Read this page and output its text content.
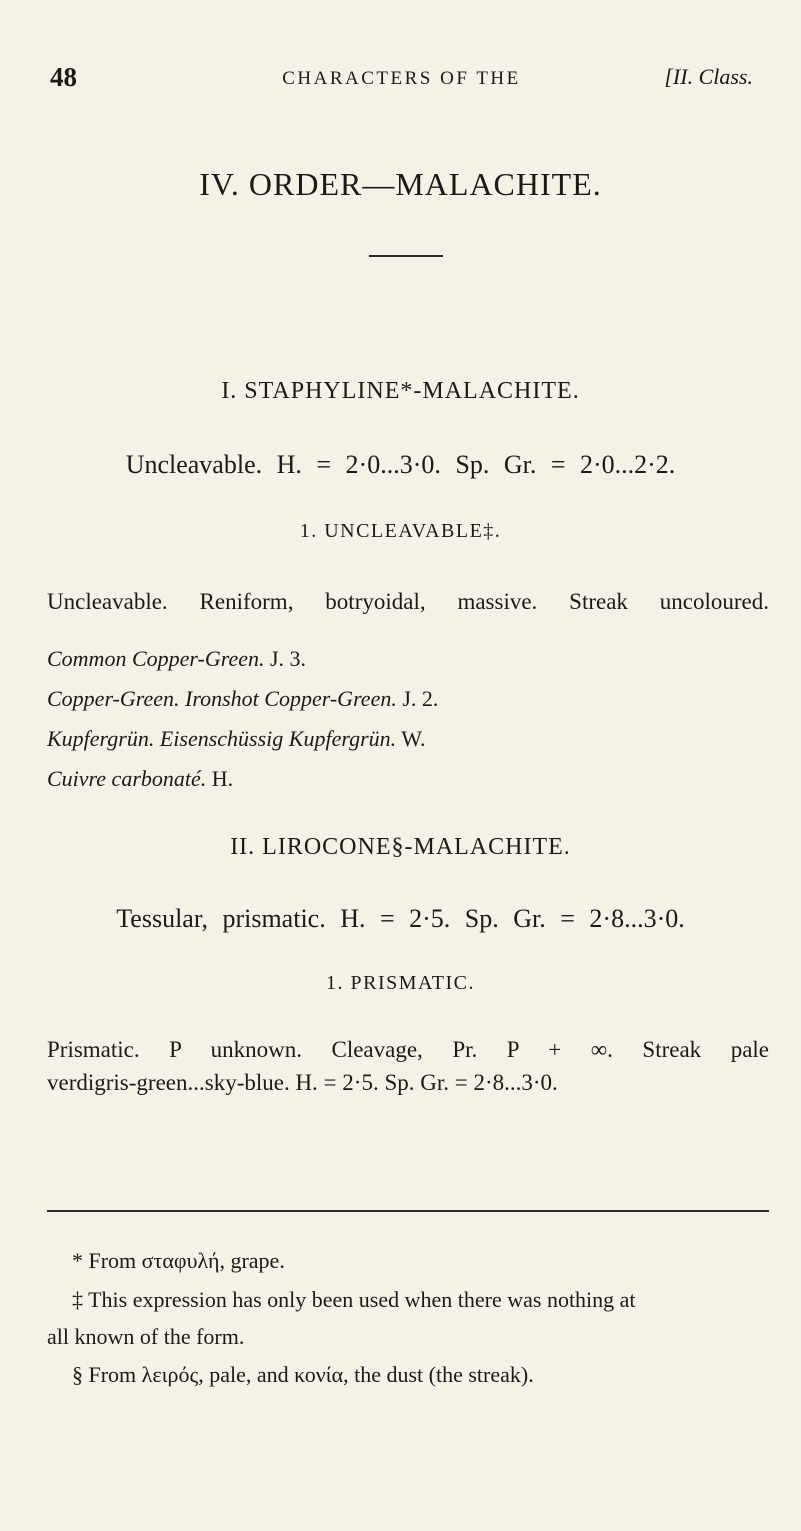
48	CHARACTERS OF THE	[II. Class.
IV. ORDER—MALACHITE.
I. STAPHYLINE*-MALACHITE.
Uncleavable. H. = 2·0...3·0. Sp. Gr. = 2·0...2·2.
1. UNCLEAVABLE‡.
Uncleavable. Reniform, botryoidal, massive. Streak uncoloured.
Common Copper-Green. J. 3.
Copper-Green. Ironshot Copper-Green. J. 2.
Kupfergrün. Eisenschüssig Kupfergrün. W.
Cuivre carbonaté. H.
II. LIROCONE§-MALACHITE.
Tessular, prismatic. H. = 2·5. Sp. Gr. = 2·8...3·0.
1. PRISMATIC.
Prismatic. P unknown. Cleavage, Pr. P + ∞. Streak pale
verdigris-green...sky-blue. H. = 2·5. Sp. Gr. = 2·8...3·0.
* From σταφυλή, grape.
‡ This expression has only been used when there was nothing at
all known of the form.
§ From λειρός, pale, and κονία, the dust (the streak).
